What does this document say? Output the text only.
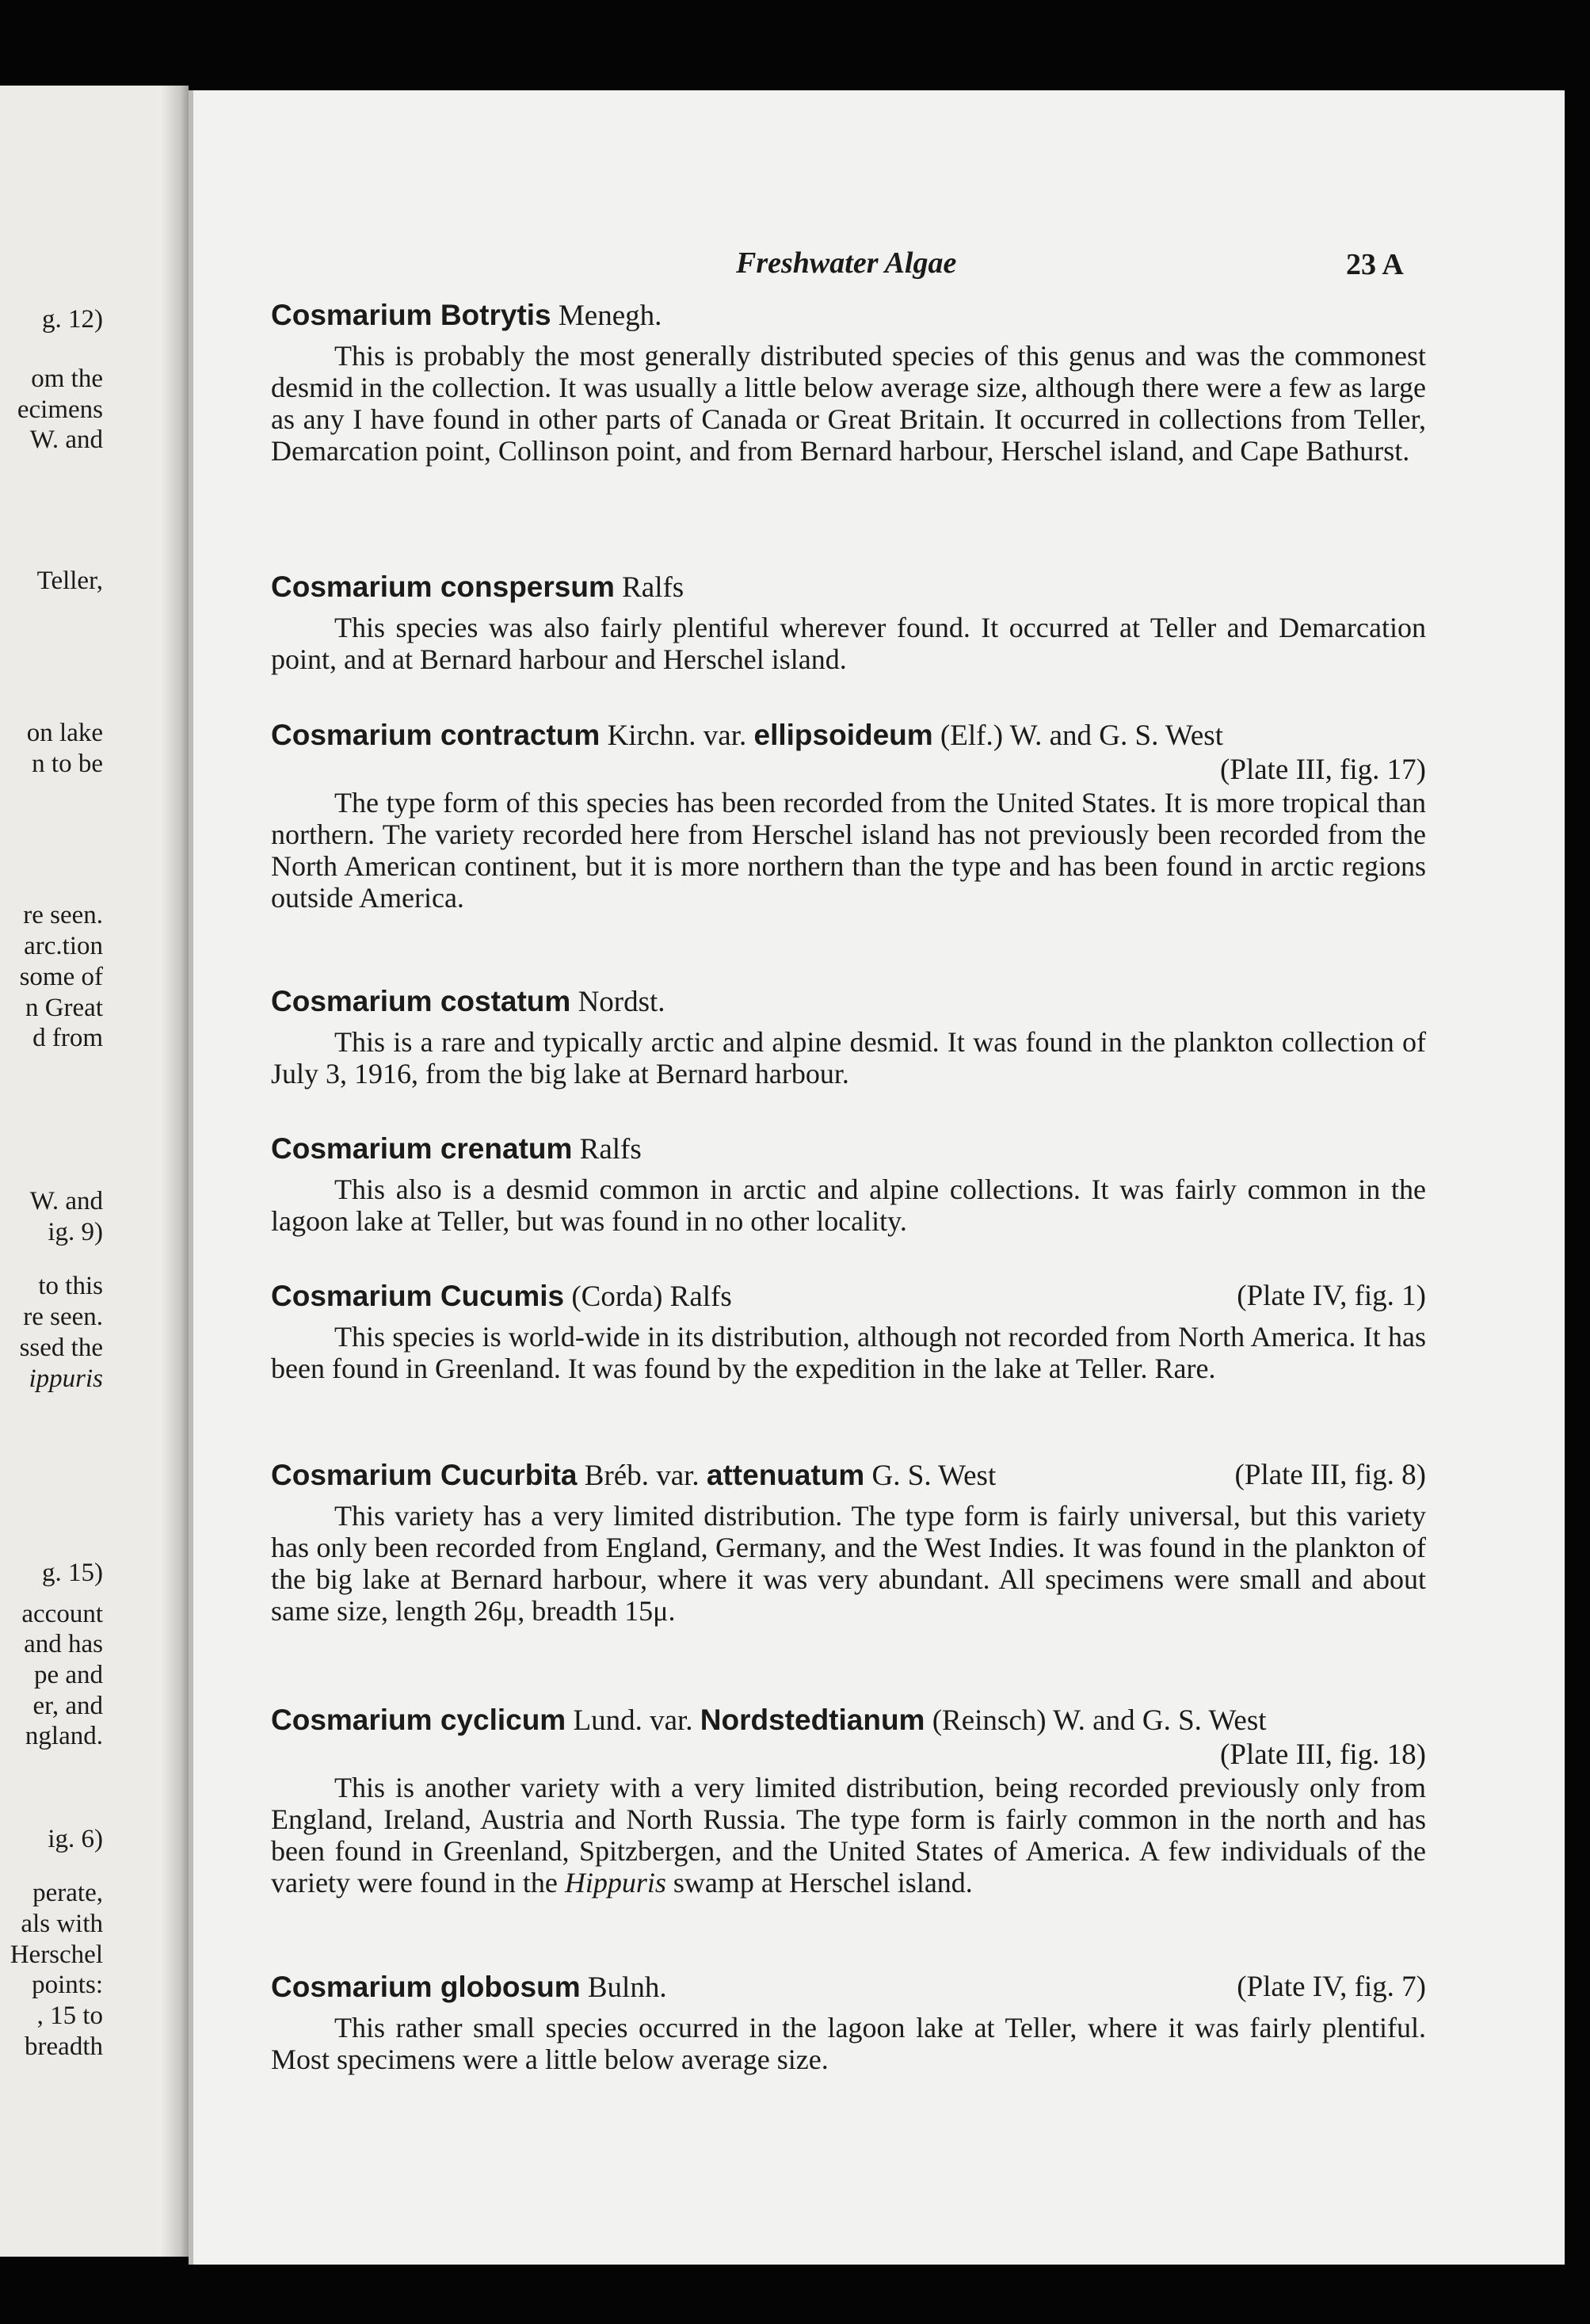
g. 12)
om the
ecimens
W. and
Teller,
on lake
n to be
re seen.
arc.tion
some of
n Great
d from
W. and
ig. 9)
to this
re seen.
ssed the
ippuris
g. 15)
account
and has
pe and
er, and
ngland.
ig. 6)
perate,
als with
Herschel
points:
, 15 to
breadth
Freshwater Algae	23 A

Cosmarium Botrytis Menegh.

This is probably the most generally distributed species of this genus and was the commonest desmid in the collection. It was usually a little below average size, although there were a few as large as any I have found in other parts of Canada or Great Britain. It occurred in collections from Teller, Demarcation point, Collinson point, and from Bernard harbour, Herschel island, and Cape Bathurst.

Cosmarium conspersum Ralfs

This species was also fairly plentiful wherever found. It occurred at Teller and Demarcation point, and at Bernard harbour and Herschel island.

Cosmarium contractum Kirchn. var. ellipsoideum (Elf.) W. and G. S. West

(Plate III, fig. 17)

The type form of this species has been recorded from the United States. It is more tropical than northern. The variety recorded here from Herschel island has not previously been recorded from the North American continent, but it is more northern than the type and has been found in arctic regions outside America.

Cosmarium costatum Nordst.

This is a rare and typically arctic and alpine desmid. It was found in the plankton collection of July 3, 1916, from the big lake at Bernard harbour.

Cosmarium crenatum Ralfs

This also is a desmid common in arctic and alpine collections. It was fairly common in the lagoon lake at Teller, but was found in no other locality.

Cosmarium Cucumis (Corda) Ralfs	(Plate IV, fig. 1)

This species is world-wide in its distribution, although not recorded from North America. It has been found in Greenland. It was found by the expedition in the lake at Teller. Rare.

Cosmarium Cucurbita Bréb. var. attenuatum G. S. West	(Plate III, fig. 8)

This variety has a very limited distribution. The type form is fairly universal, but this variety has only been recorded from England, Germany, and the West Indies. It was found in the plankton of the big lake at Bernard harbour, where it was very abundant. All specimens were small and about same size, length 26μ, breadth 15μ.

Cosmarium cyclicum Lund. var. Nordstedtianum (Reinsch) W. and G. S. West

(Plate III, fig. 18)

This is another variety with a very limited distribution, being recorded previously only from England, Ireland, Austria and North Russia. The type form is fairly common in the north and has been found in Greenland, Spitzbergen, and the United States of America. A few individuals of the variety were found in the Hippuris swamp at Herschel island.

Cosmarium globosum Bulnh.	(Plate IV, fig. 7)

This rather small species occurred in the lagoon lake at Teller, where it was fairly plentiful. Most specimens were a little below average size.
